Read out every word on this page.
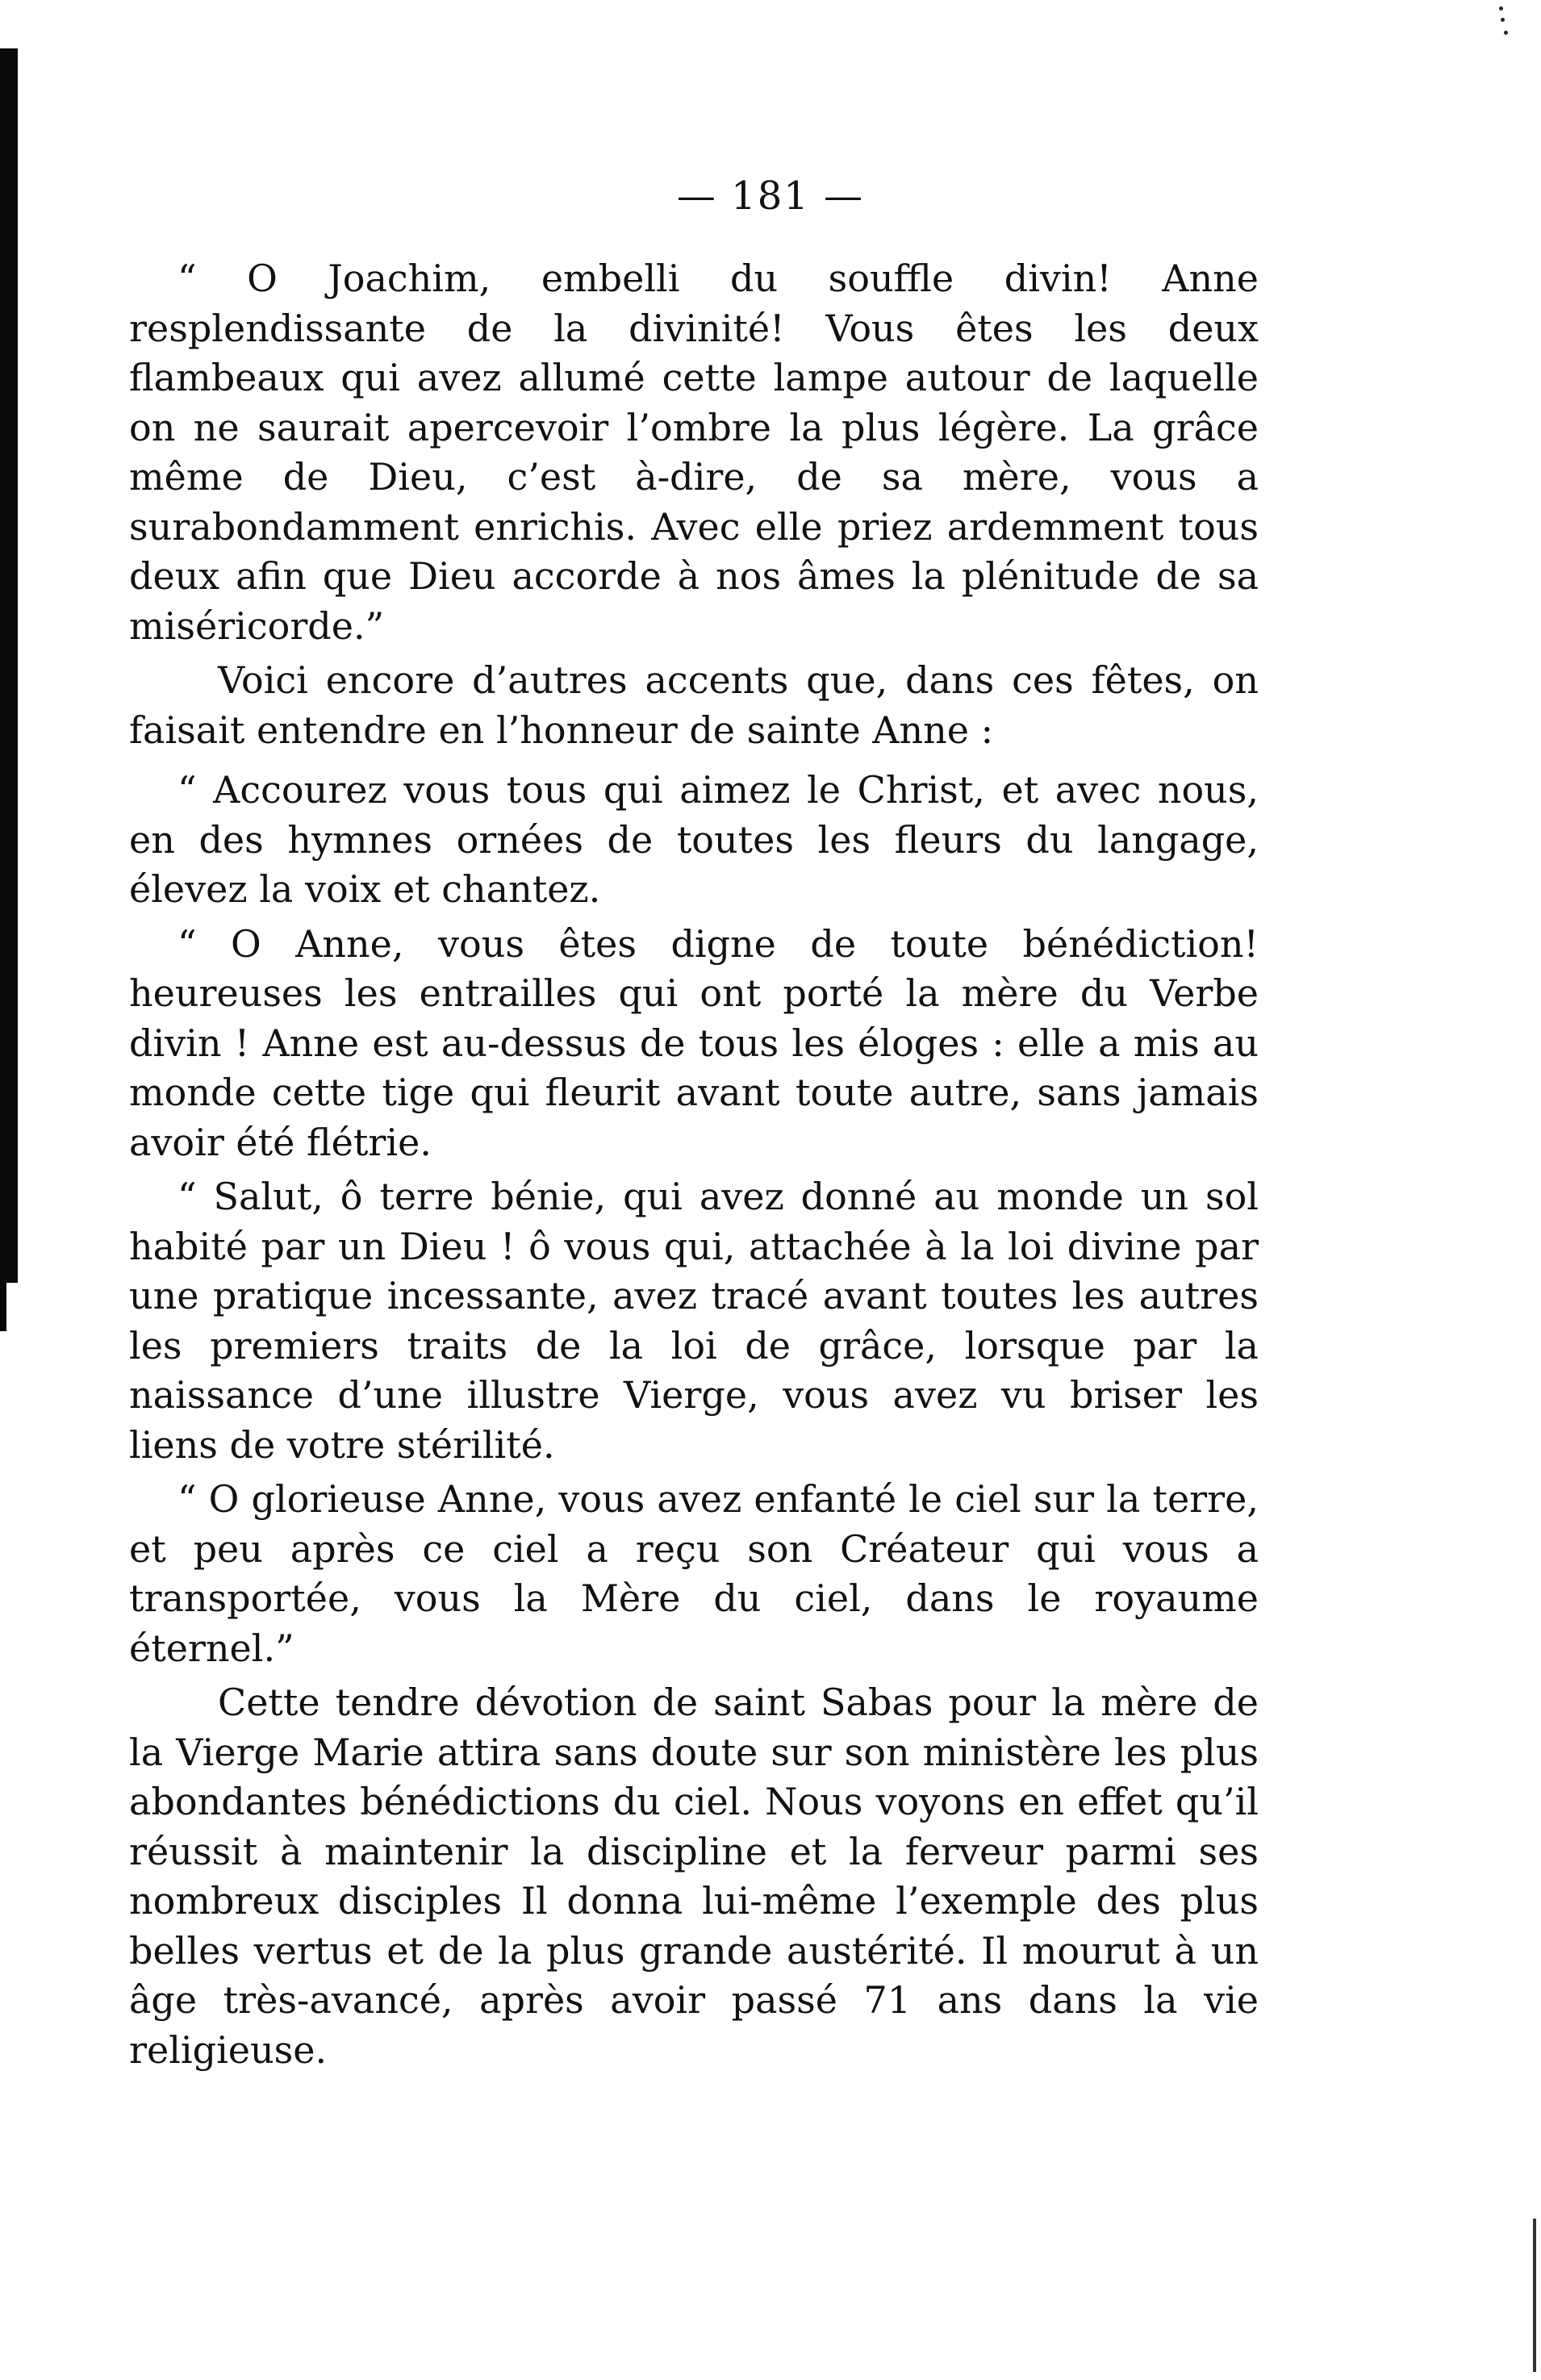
— 181 —

“ O Joachim, embelli du souffle divin! Anne resplendissante de la divinité! Vous êtes les deux flambeaux qui avez allumé cette lampe autour de laquelle on ne saurait apercevoir l’ombre la plus légère. La grâce même de Dieu, c’est à-dire, de sa mère, vous a surabondamment enrichis. Avec elle priez ardemment tous deux afin que Dieu accorde à nos âmes la plénitude de sa miséricorde.”

Voici encore d’autres accents que, dans ces fêtes, on faisait entendre en l’honneur de sainte Anne :

“ Accourez vous tous qui aimez le Christ, et avec nous, en des hymnes ornées de toutes les fleurs du langage, élevez la voix et chantez.

“ O Anne, vous êtes digne de toute bénédiction! heureuses les entrailles qui ont porté la mère du Verbe divin ! Anne est au-dessus de tous les éloges : elle a mis au monde cette tige qui fleurit avant toute autre, sans jamais avoir été flétrie.

“ Salut, ô terre bénie, qui avez donné au monde un sol habité par un Dieu ! ô vous qui, attachée à la loi divine par une pratique incessante, avez tracé avant toutes les autres les premiers traits de la loi de grâce, lorsque par la naissance d’une illustre Vierge, vous avez vu briser les liens de votre stérilité.

“ O glorieuse Anne, vous avez enfanté le ciel sur la terre, et peu après ce ciel a reçu son Créateur qui vous a transportée, vous la Mère du ciel, dans le royaume éternel.”

Cette tendre dévotion de saint Sabas pour la mère de la Vierge Marie attira sans doute sur son ministère les plus abondantes bénédictions du ciel. Nous voyons en effet qu’il réussit à maintenir la discipline et la ferveur parmi ses nombreux disciples Il donna lui-même l’exemple des plus belles vertus et de la plus grande austérité. Il mourut à un âge très-avancé, après avoir passé 71 ans dans la vie religieuse.
